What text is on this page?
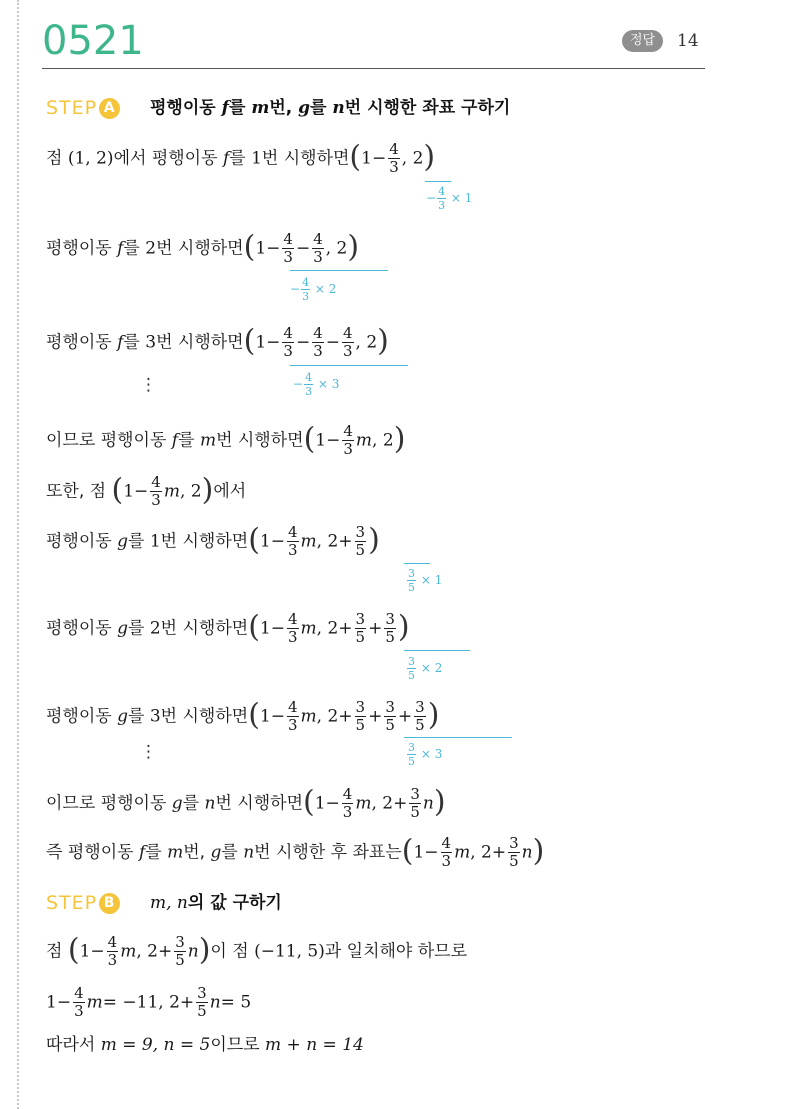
0521	정답	14
STEP A 평행이동 f를 m번, g를 n번 시행한 좌표 구하기
점 (1, 2)에서 평행이동 f를 1번 시행하면($1- \frac{4}{3}$ , 2)
− $\frac{4}{3} \times 1$
평행이동 f를 2번 시행하면($1- \frac{4}{3} - \frac{4}{3}$ , 2)
− $\frac{4}{3} \times 2$
평행이동 f를 3번 시행하면($1- \frac{4}{3} - \frac{4}{3} - \frac{4}{3}$ , 2)
− $\frac{4}{3} \times 3$
⋮
이므로 평행이동 f를 m번 시행하면($1- \frac{4}{3} m$, 2)
또한, 점 ($1- \frac{4}{3} m$, 2)에서
평행이동 g를 1번 시행하면($1- \frac{4}{3} m$, $2+ \frac{3}{5}$ )
$\frac{3}{5} \times 1$
평행이동 g를 2번 시행하면($1- \frac{4}{3} m$, $2+ \frac{3}{5} + \frac{3}{5}$ )
$\frac{3}{5} \times 2$
평행이동 g를 3번 시행하면($1- \frac{4}{3} m$, $2+ \frac{3}{5} + \frac{3}{5} + \frac{3}{5}$ )
$\frac{3}{5} \times 3$
⋮
이므로 평행이동 g를 n번 시행하면($1- \frac{4}{3} m$, $2+ \frac{3}{5} n$)
즉 평행이동 f를 m번, g를 n번 시행한 후 좌표는($1- \frac{4}{3} m$, $2+ \frac{3}{5} n$)
STEP B m, n의 값 구하기
점 ($1- \frac{4}{3} m$, $2+ \frac{3}{5} n$)이 점 (−11, 5)과 일치해야 하므로
$1- \frac{4}{3} m= -11$, $2+ \frac{3}{5} n= 5$
따라서 m = 9, n = 5이므로 m + n = 14
